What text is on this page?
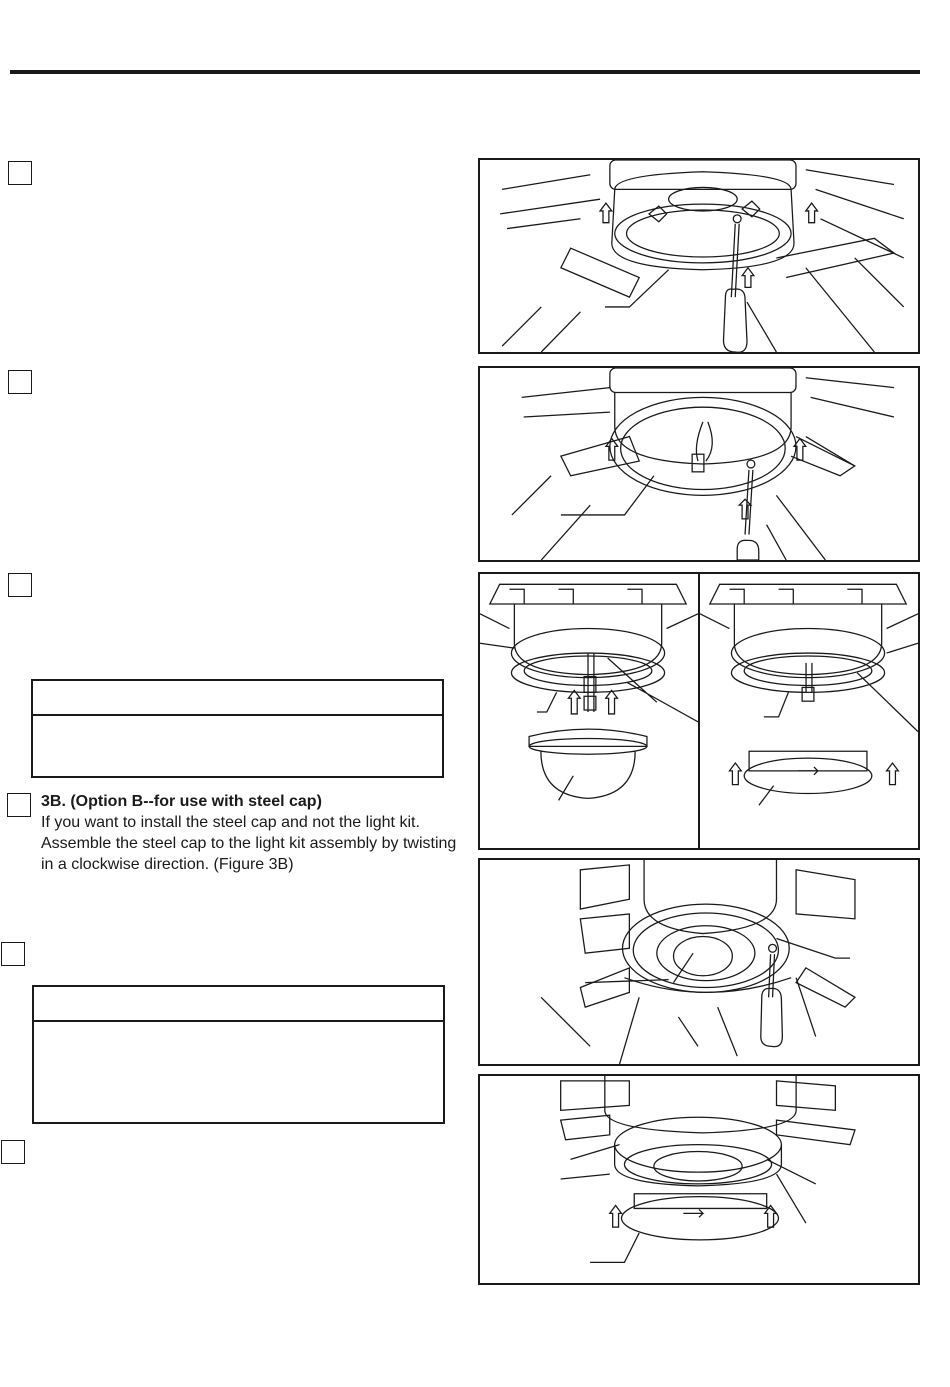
3B. (Option B--for use with steel cap)
If you want to install the steel cap and not the light kit. Assemble the steel cap to the light kit assembly by twisting in a clockwise direction. (Figure 3B)
